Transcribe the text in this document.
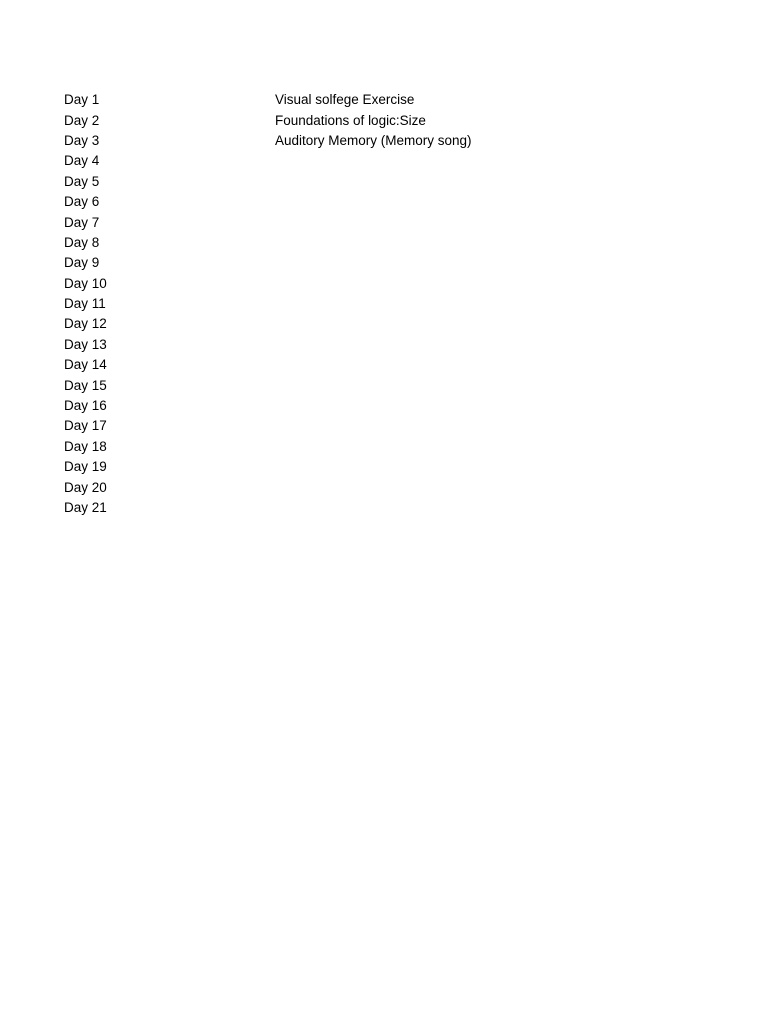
Day 1	Visual solfege Exercise
Day 2	Foundations of logic:Size
Day 3	Auditory Memory (Memory song)
Day 4
Day 5
Day 6
Day 7
Day 8
Day 9
Day 10
Day 11
Day 12
Day 13
Day 14
Day 15
Day 16
Day 17
Day 18
Day 19
Day 20
Day 21
